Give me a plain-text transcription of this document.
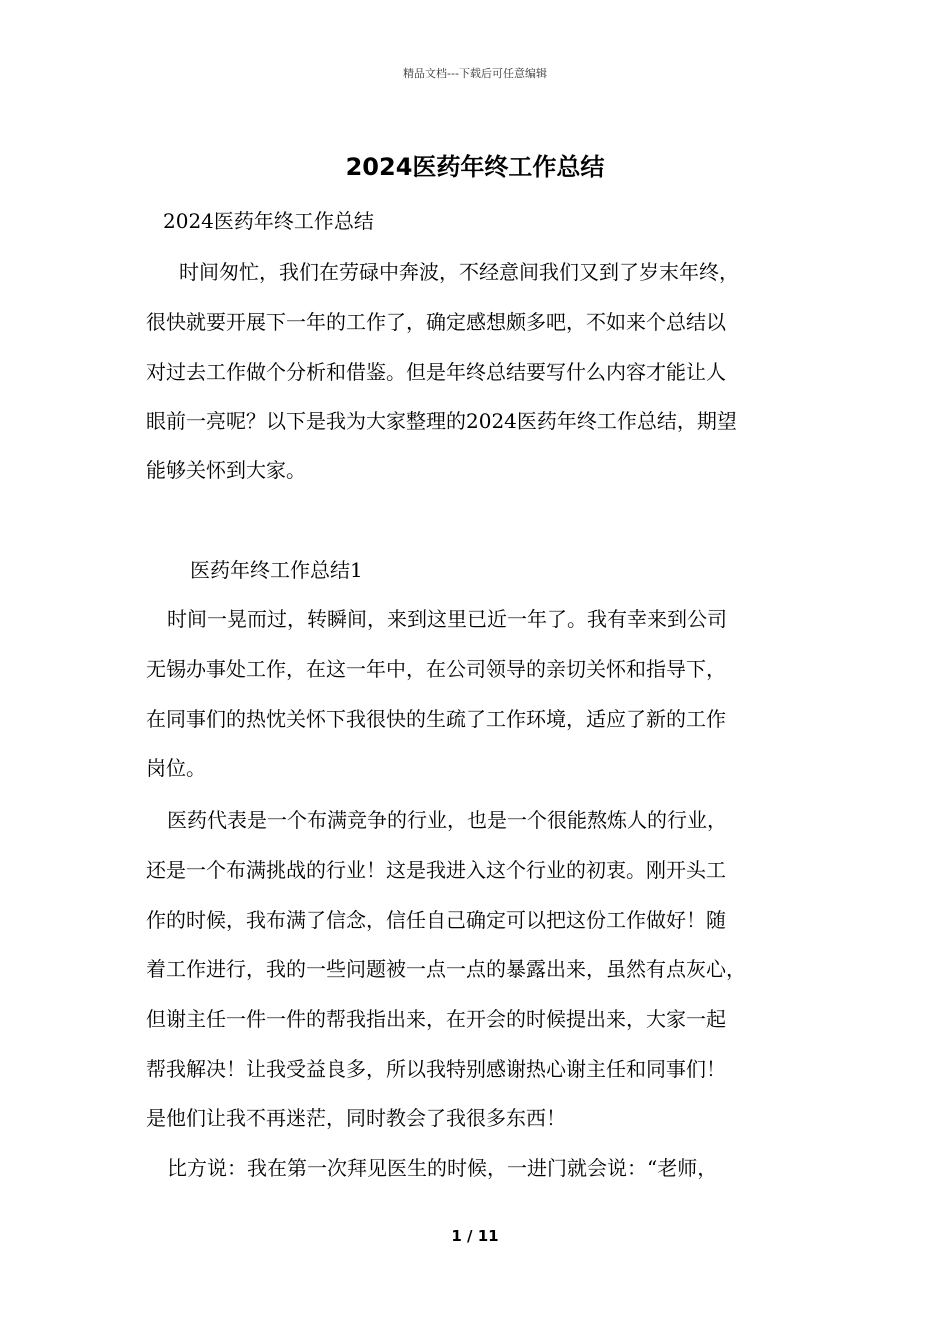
精品文档---下载后可任意编辑
2024医药年终工作总结
2024医药年终工作总结
时间匆忙，我们在劳碌中奔波，不经意间我们又到了岁末年终，
很快就要开展下一年的工作了，确定感想颇多吧，不如来个总结以
对过去工作做个分析和借鉴。但是年终总结要写什么内容才能让人
眼前一亮呢？以下是我为大家整理的2024医药年终工作总结，期望
能够关怀到大家。
医药年终工作总结1
时间一晃而过，转瞬间，来到这里已近一年了。我有幸来到公司
无锡办事处工作，在这一年中，在公司领导的亲切关怀和指导下，
在同事们的热忱关怀下我很快的生疏了工作环境，适应了新的工作
岗位。
医药代表是一个布满竞争的行业，也是一个很能熬炼人的行业，
还是一个布满挑战的行业！这是我进入这个行业的初衷。刚开头工
作的时候，我布满了信念，信任自己确定可以把这份工作做好！随
着工作进行，我的一些问题被一点一点的暴露出来，虽然有点灰心，
但谢主任一件一件的帮我指出来，在开会的时候提出来，大家一起
帮我解决！让我受益良多，所以我特别感谢热心谢主任和同事们！
是他们让我不再迷茫，同时教会了我很多东西！
比方说：我在第一次拜见医生的时候，一进门就会说：“老师，
1 / 11
